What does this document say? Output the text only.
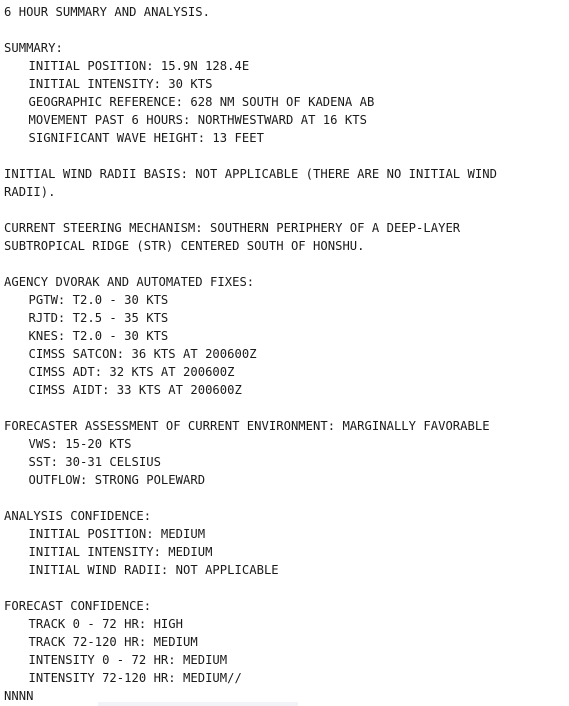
6 HOUR SUMMARY AND ANALYSIS.
SUMMARY:
INITIAL POSITION: 15.9N 128.4E
INITIAL INTENSITY: 30 KTS
GEOGRAPHIC REFERENCE: 628 NM SOUTH OF KADENA AB
MOVEMENT PAST 6 HOURS: NORTHWESTWARD AT 16 KTS
SIGNIFICANT WAVE HEIGHT: 13 FEET
INITIAL WIND RADII BASIS: NOT APPLICABLE (THERE ARE NO INITIAL WIND
RADII).
CURRENT STEERING MECHANISM: SOUTHERN PERIPHERY OF A DEEP-LAYER
SUBTROPICAL RIDGE (STR) CENTERED SOUTH OF HONSHU.
AGENCY DVORAK AND AUTOMATED FIXES:
PGTW: T2.0 - 30 KTS
RJTD: T2.5 - 35 KTS
KNES: T2.0 - 30 KTS
CIMSS SATCON: 36 KTS AT 200600Z
CIMSS ADT: 32 KTS AT 200600Z
CIMSS AIDT: 33 KTS AT 200600Z
FORECASTER ASSESSMENT OF CURRENT ENVIRONMENT: MARGINALLY FAVORABLE
VWS: 15-20 KTS
SST: 30-31 CELSIUS
OUTFLOW: STRONG POLEWARD
ANALYSIS CONFIDENCE:
INITIAL POSITION: MEDIUM
INITIAL INTENSITY: MEDIUM
INITIAL WIND RADII: NOT APPLICABLE
FORECAST CONFIDENCE:
TRACK 0 - 72 HR: HIGH
TRACK 72-120 HR: MEDIUM
INTENSITY 0 - 72 HR: MEDIUM
INTENSITY 72-120 HR: MEDIUM//
NNNN
